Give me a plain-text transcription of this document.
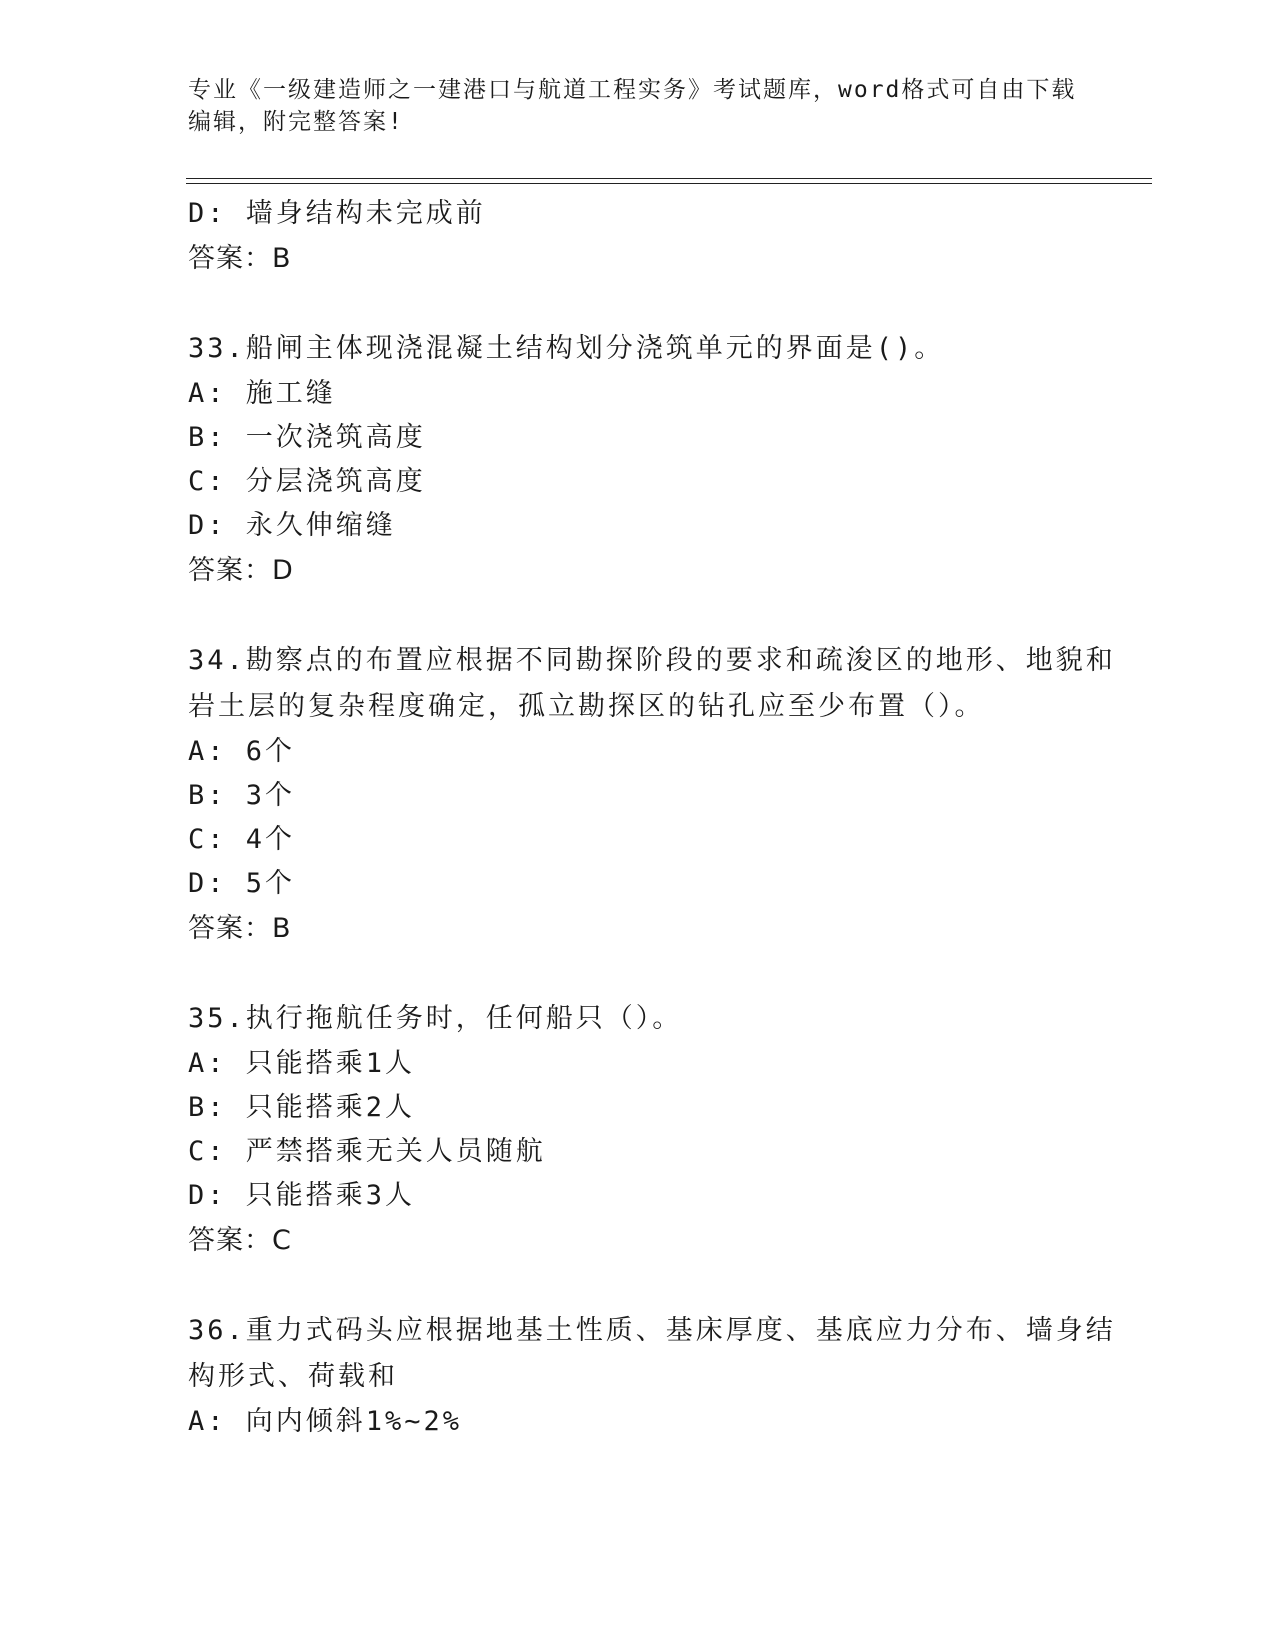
专业《一级建造师之一建港口与航道工程实务》考试题库，word格式可自由下载
编辑，附完整答案!
D: 墙身结构未完成前
答案：B
33.船闸主体现浇混凝土结构划分浇筑单元的界面是()。
A: 施工缝
B: 一次浇筑高度
C: 分层浇筑高度
D: 永久伸缩缝
答案：D
34.勘察点的布置应根据不同勘探阶段的要求和疏浚区的地形、地貌和
岩土层的复杂程度确定，孤立勘探区的钻孔应至少布置（）。
A: 6个
B: 3个
C: 4个
D: 5个
答案：B
35.执行拖航任务时，任何船只（）。
A: 只能搭乘1人
B: 只能搭乘2人
C: 严禁搭乘无关人员随航
D: 只能搭乘3人
答案：C
36.重力式码头应根据地基土性质、基床厚度、基底应力分布、墙身结
构形式、荷载和
A: 向内倾斜1%~2%
